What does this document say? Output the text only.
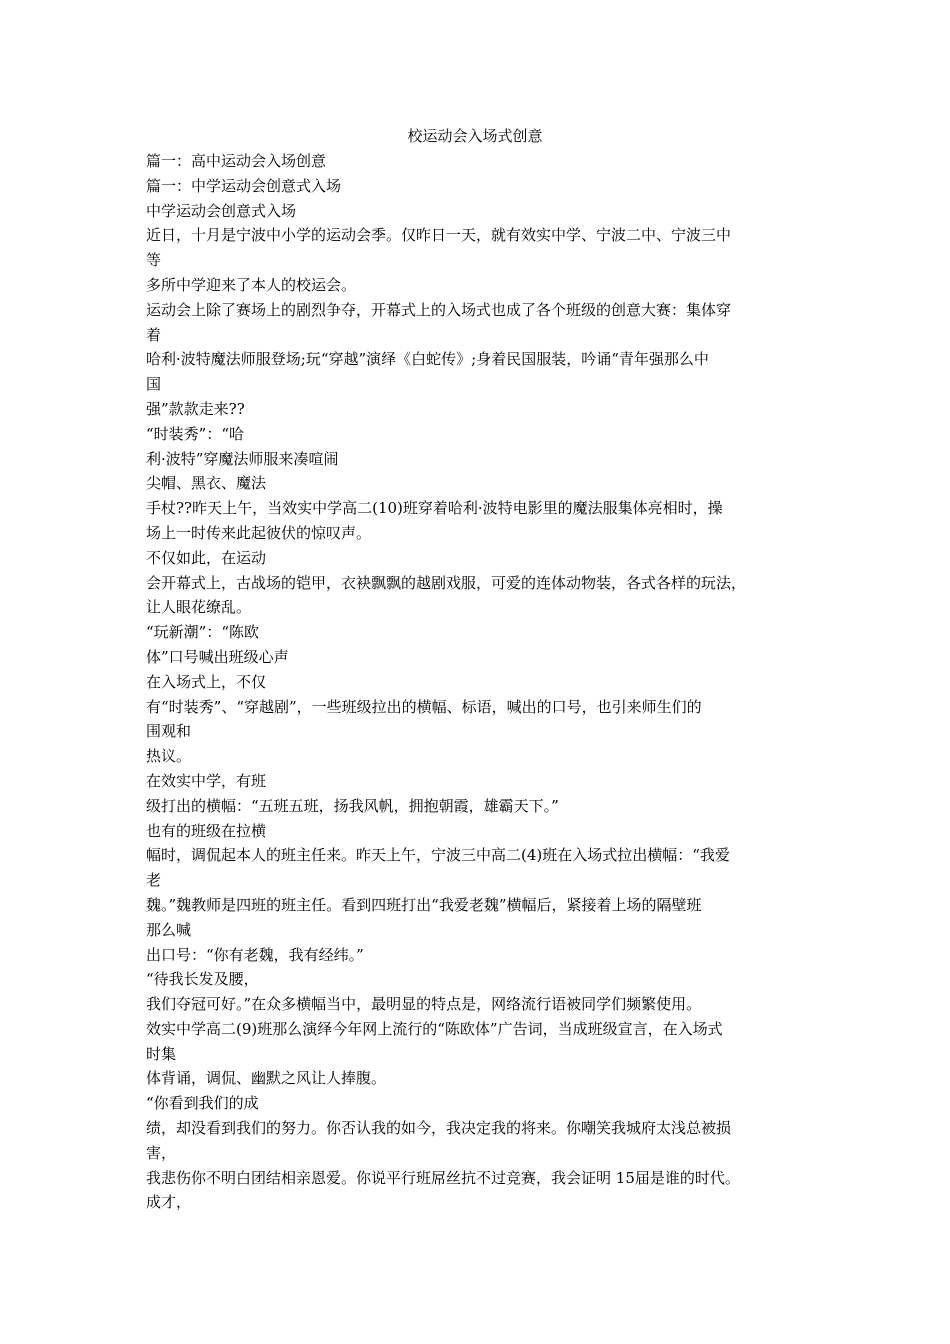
校运动会入场式创意
篇一：高中运动会入场创意
篇一：中学运动会创意式入场
中学运动会创意式入场
近日，十月是宁波中小学的运动会季。仅昨日一天，就有效实中学、宁波二中、宁波三中
等
多所中学迎来了本人的校运会。
运动会上除了赛场上的剧烈争夺，开幕式上的入场式也成了各个班级的创意大赛：集体穿
着
哈利·波特魔法师服登场;玩“穿越”演绎《白蛇传》;身着民国服装，吟诵“青年强那么中
国
强”款款走来??
“时装秀”：“哈
利·波特”穿魔法师服来凑喧闹
尖帽、黑衣、魔法
手杖??昨天上午，当效实中学高二(10)班穿着哈利·波特电影里的魔法服集体亮相时，操
场上一时传来此起彼伏的惊叹声。
不仅如此，在运动
会开幕式上，古战场的铠甲，衣袂飘飘的越剧戏服，可爱的连体动物装，各式各样的玩法，
让人眼花缭乱。
“玩新潮”：“陈欧
体”口号喊出班级心声
在入场式上，不仅
有“时装秀”、“穿越剧”，一些班级拉出的横幅、标语，喊出的口号，也引来师生们的
围观和
热议。
在效实中学，有班
级打出的横幅：“五班五班，扬我风帆，拥抱朝霞，雄霸天下。”
也有的班级在拉横
幅时，调侃起本人的班主任来。昨天上午，宁波三中高二(4)班在入场式拉出横幅：“我爱
老
魏。”魏教师是四班的班主任。看到四班打出“我爱老魏”横幅后，紧接着上场的隔壁班
那么喊
出口号：“你有老魏，我有经纬。”
“待我长发及腰，
我们夺冠可好。”在众多横幅当中，最明显的特点是，网络流行语被同学们频繁使用。
效实中学高二(9)班那么演绎今年网上流行的“陈欧体”广告词，当成班级宣言，在入场式
时集
体背诵，调侃、幽默之风让人捧腹。
“你看到我们的成
绩，却没看到我们的努力。你否认我的如今，我决定我的将来。你嘲笑我城府太浅总被损
害，
我悲伤你不明白团结相亲恩爱。你说平行班屌丝抗不过竞赛，我会证明 15届是谁的时代。
成才，
